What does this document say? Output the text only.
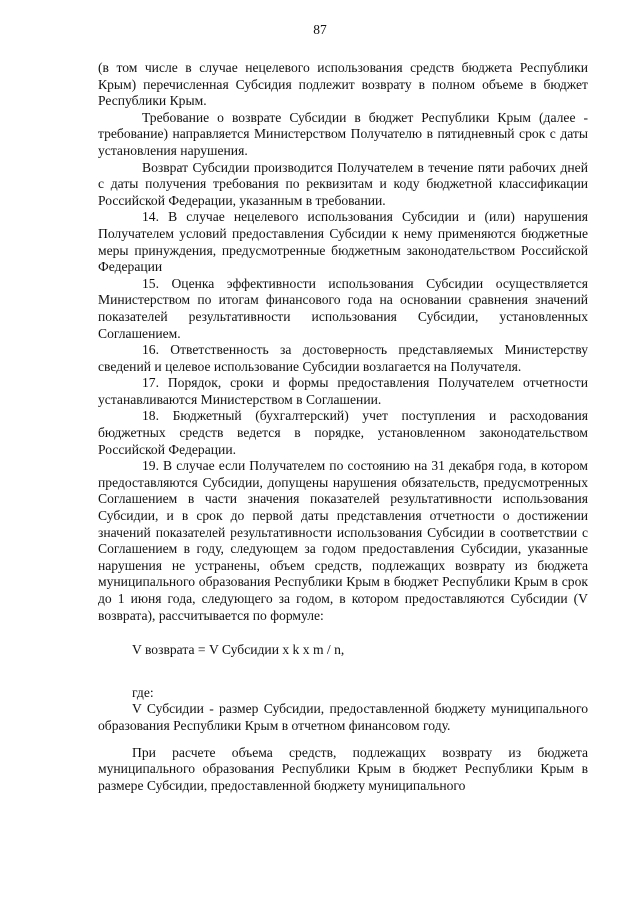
87

(в том числе в случае нецелевого использования средств бюджета Республики Крым) перечисленная Субсидия подлежит возврату в полном объеме в бюджет Республики Крым.

Требование о возврате Субсидии в бюджет Республики Крым (далее - требование) направляется Министерством Получателю в пятидневный срок с даты установления нарушения.

Возврат Субсидии производится Получателем в течение пяти рабочих дней с даты получения требования по реквизитам и коду бюджетной классификации Российской Федерации, указанным в требовании.

14. В случае нецелевого использования Субсидии и (или) нарушения Получателем условий предоставления Субсидии к нему применяются бюджетные меры принуждения, предусмотренные бюджетным законодательством Российской Федерации

15. Оценка эффективности использования Субсидии осуществляется Министерством по итогам финансового года на основании сравнения значений показателей результативности использования Субсидии, установленных Соглашением.

16. Ответственность за достоверность представляемых Министерству сведений и целевое использование Субсидии возлагается на Получателя.

17. Порядок, сроки и формы предоставления Получателем отчетности устанавливаются Министерством в Соглашении.

18. Бюджетный (бухгалтерский) учет поступления и расходования бюджетных средств ведется в порядке, установленном законодательством Российской Федерации.

19. В случае если Получателем по состоянию на 31 декабря года, в котором предоставляются Субсидии, допущены нарушения обязательств, предусмотренных Соглашением в части значения показателей результативности использования Субсидии, и в срок до первой даты представления отчетности о достижении значений показателей результативности использования Субсидии в соответствии с Соглашением в году, следующем за годом предоставления Субсидии, указанные нарушения не устранены, объем средств, подлежащих возврату из бюджета муниципального образования Республики Крым в бюджет Республики Крым в срок до 1 июня года, следующего за годом, в котором предоставляются Субсидии (V возврата), рассчитывается по формуле:

V возврата = V Субсидии x k x m / n,

где:

V Субсидии - размер Субсидии, предоставленной бюджету муниципального образования Республики Крым в отчетном финансовом году.

При расчете объема средств, подлежащих возврату из бюджета муниципального образования Республики Крым в бюджет Республики Крым в размере Субсидии, предоставленной бюджету муниципального
